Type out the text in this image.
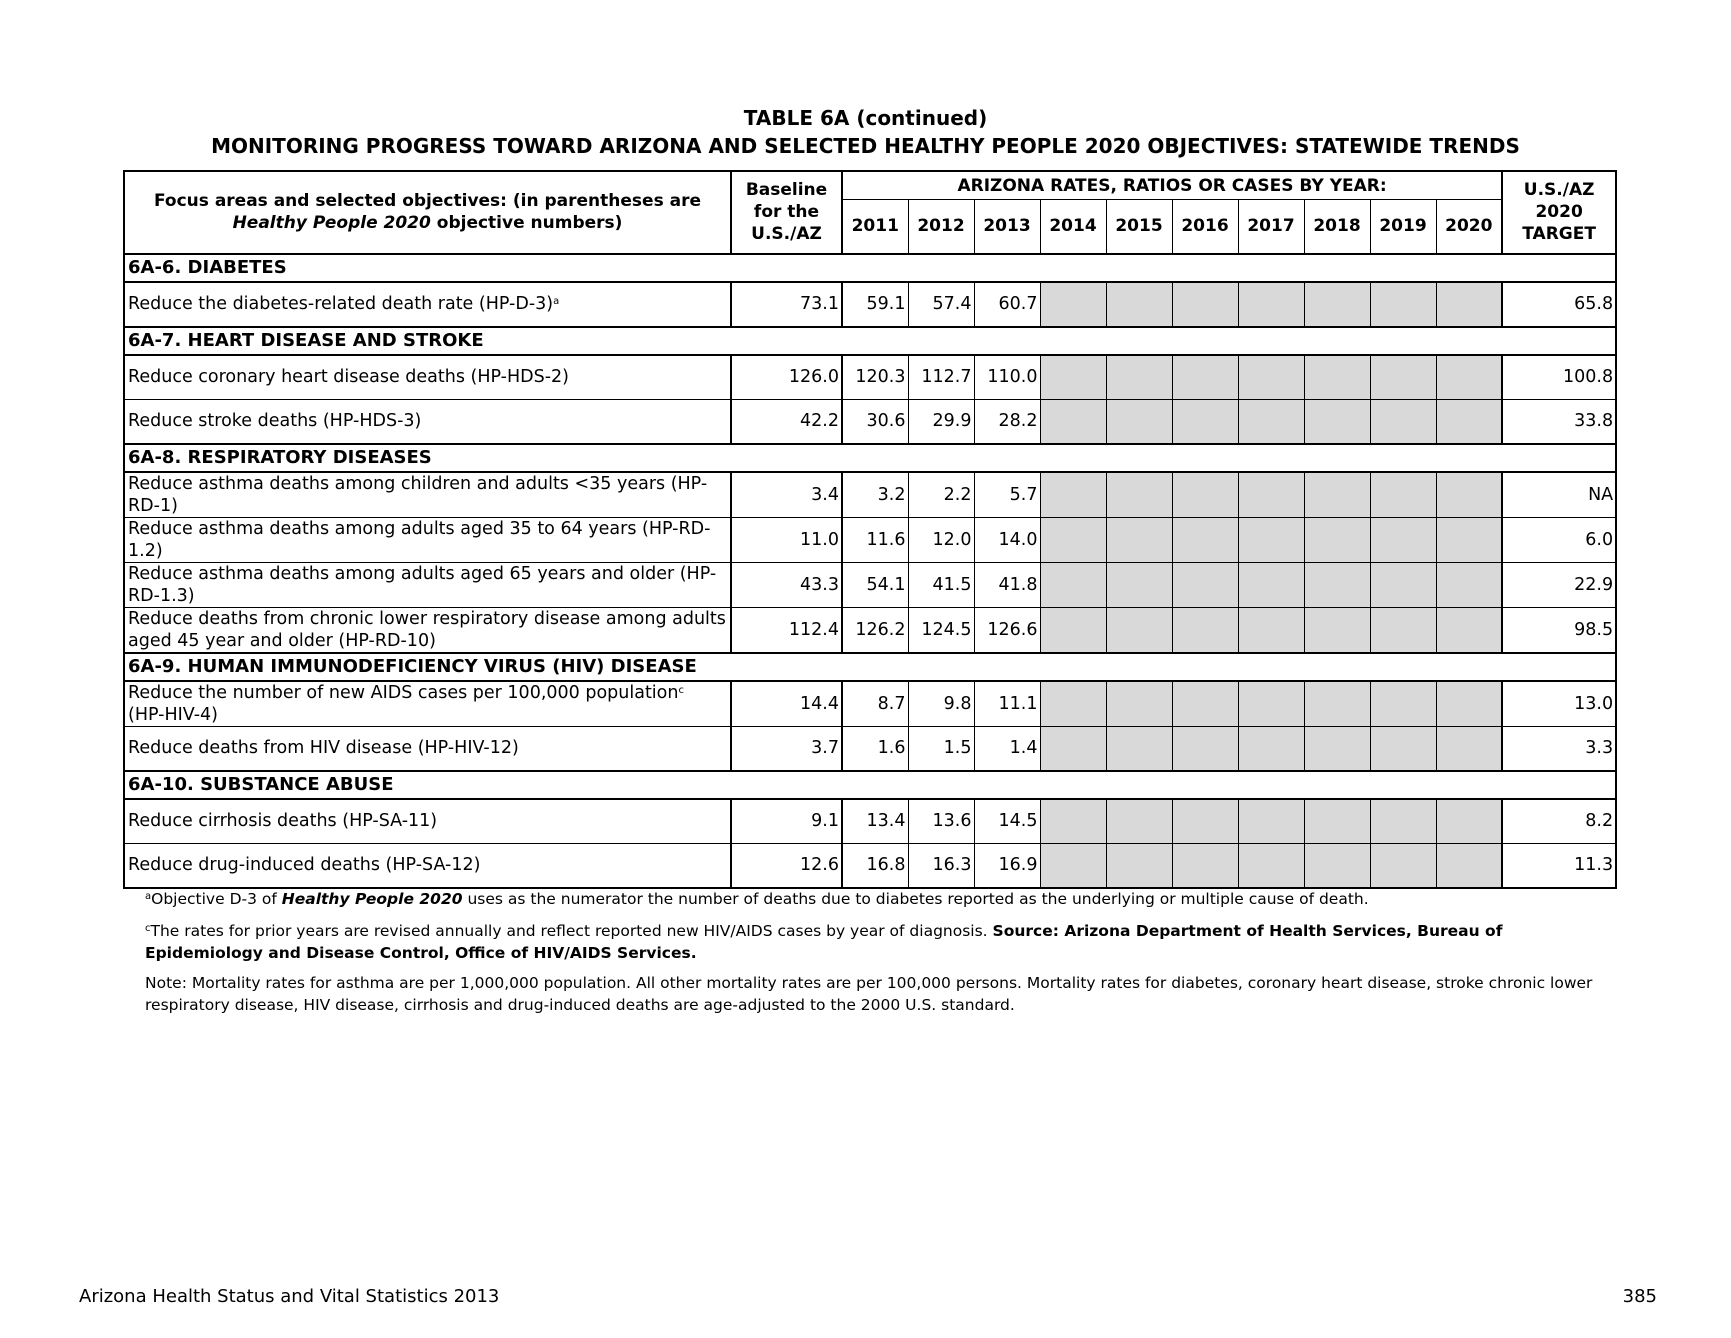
TABLE 6A (continued)
MONITORING PROGRESS TOWARD ARIZONA AND SELECTED HEALTHY PEOPLE 2020 OBJECTIVES: STATEWIDE TRENDS
Focus areas and selected objectives: (in parentheses are
Healthy People 2020 objective numbers)	Baseline
for the
U.S./AZ	ARIZONA RATES, RATIOS OR CASES BY YEAR:										U.S./AZ
2020
TARGET
		2011	2012	2013	2014	2015	2016	2017	2018	2019	2020	
6A-6. DIABETES												
Reduce the diabetes-related death rate $(HP-D-3)^a$	73.1	59.1	57.4	60.7								65.8
6A-7. HEART DISEASE AND STROKE												
Reduce coronary heart disease deaths (HP-HDS-2)	126.0	120.3	112.7	110.0								100.8
Reduce stroke deaths (HP-HDS-3)	42.2	30.6	29.9	28.2								33.8
6A-8. RESPIRATORY DISEASES												
Reduce asthma deaths among children and adults <35 years (HP-RD-1)	3.4	3.2	2.2	5.7								NA
Reduce asthma deaths among adults aged 35 to 64 years (HP-RD-1.2)	11.0	11.6	12.0	14.0								6.0
Reduce asthma deaths among adults aged 65 years and older (HP-RD-1.3)	43.3	54.1	41.5	41.8								22.9
Reduce deaths from chronic lower respiratory disease among adults aged 45 year and older (HP-RD-10)	112.4	126.2	124.5	126.6								98.5
6A-9. HUMAN IMMUNODEFICIENCY VIRUS (HIV) DISEASE												
Reduce the number of new AIDS cases per 100,000 population$^c$  (HP-HIV-4)	14.4	8.7	9.8	11.1								13.0
Reduce deaths from HIV disease (HP-HIV-12)	3.7	1.6	1.5	1.4								3.3
6A-10. SUBSTANCE ABUSE												
Reduce cirrhosis deaths (HP-SA-11)	9.1	13.4	13.6	14.5								8.2
Reduce drug-induced deaths (HP-SA-12)	12.6	16.8	16.3	16.9								11.3
$^a$Objective D-3 of Healthy People 2020 uses as the numerator the number of deaths due to diabetes reported as the underlying or multiple cause of death.
$^c$The rates for prior years are revised annually and reflect reported new HIV/AIDS cases by year of diagnosis. Source: Arizona Department of Health Services, Bureau of Epidemiology and Disease Control, Office of HIV/AIDS Services.
Note: Mortality rates for asthma are per 1,000,000 population. All other mortality rates are per 100,000 persons. Mortality rates for diabetes, coronary heart disease, stroke chronic lower respiratory disease, HIV disease, cirrhosis and drug-induced deaths are age-adjusted to the 2000 U.S. standard.
Arizona Health Status and Vital Statistics 2013	385
